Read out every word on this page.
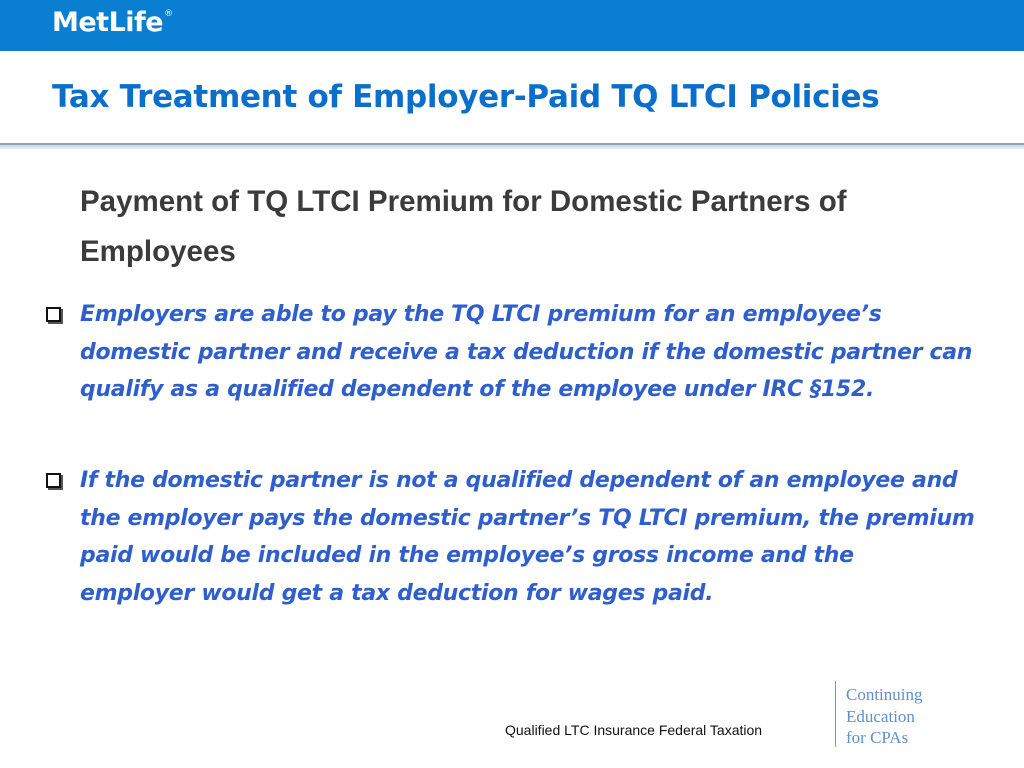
MetLife®
Tax Treatment of Employer-Paid TQ LTCI Policies
Payment of TQ LTCI Premium for Domestic Partners of Employees

Employers are able to pay the TQ LTCI premium for an employee’s domestic partner and receive a tax deduction if the domestic partner can qualify as a qualified dependent of the employee under IRC §152.

If the domestic partner is not a qualified dependent of an employee and the employer pays the domestic partner’s TQ LTCI premium, the premium paid would be included in the employee’s gross income and the employer would get a tax deduction for wages paid.

Qualified LTC Insurance Federal Taxation
Continuing
Education
for CPAs
